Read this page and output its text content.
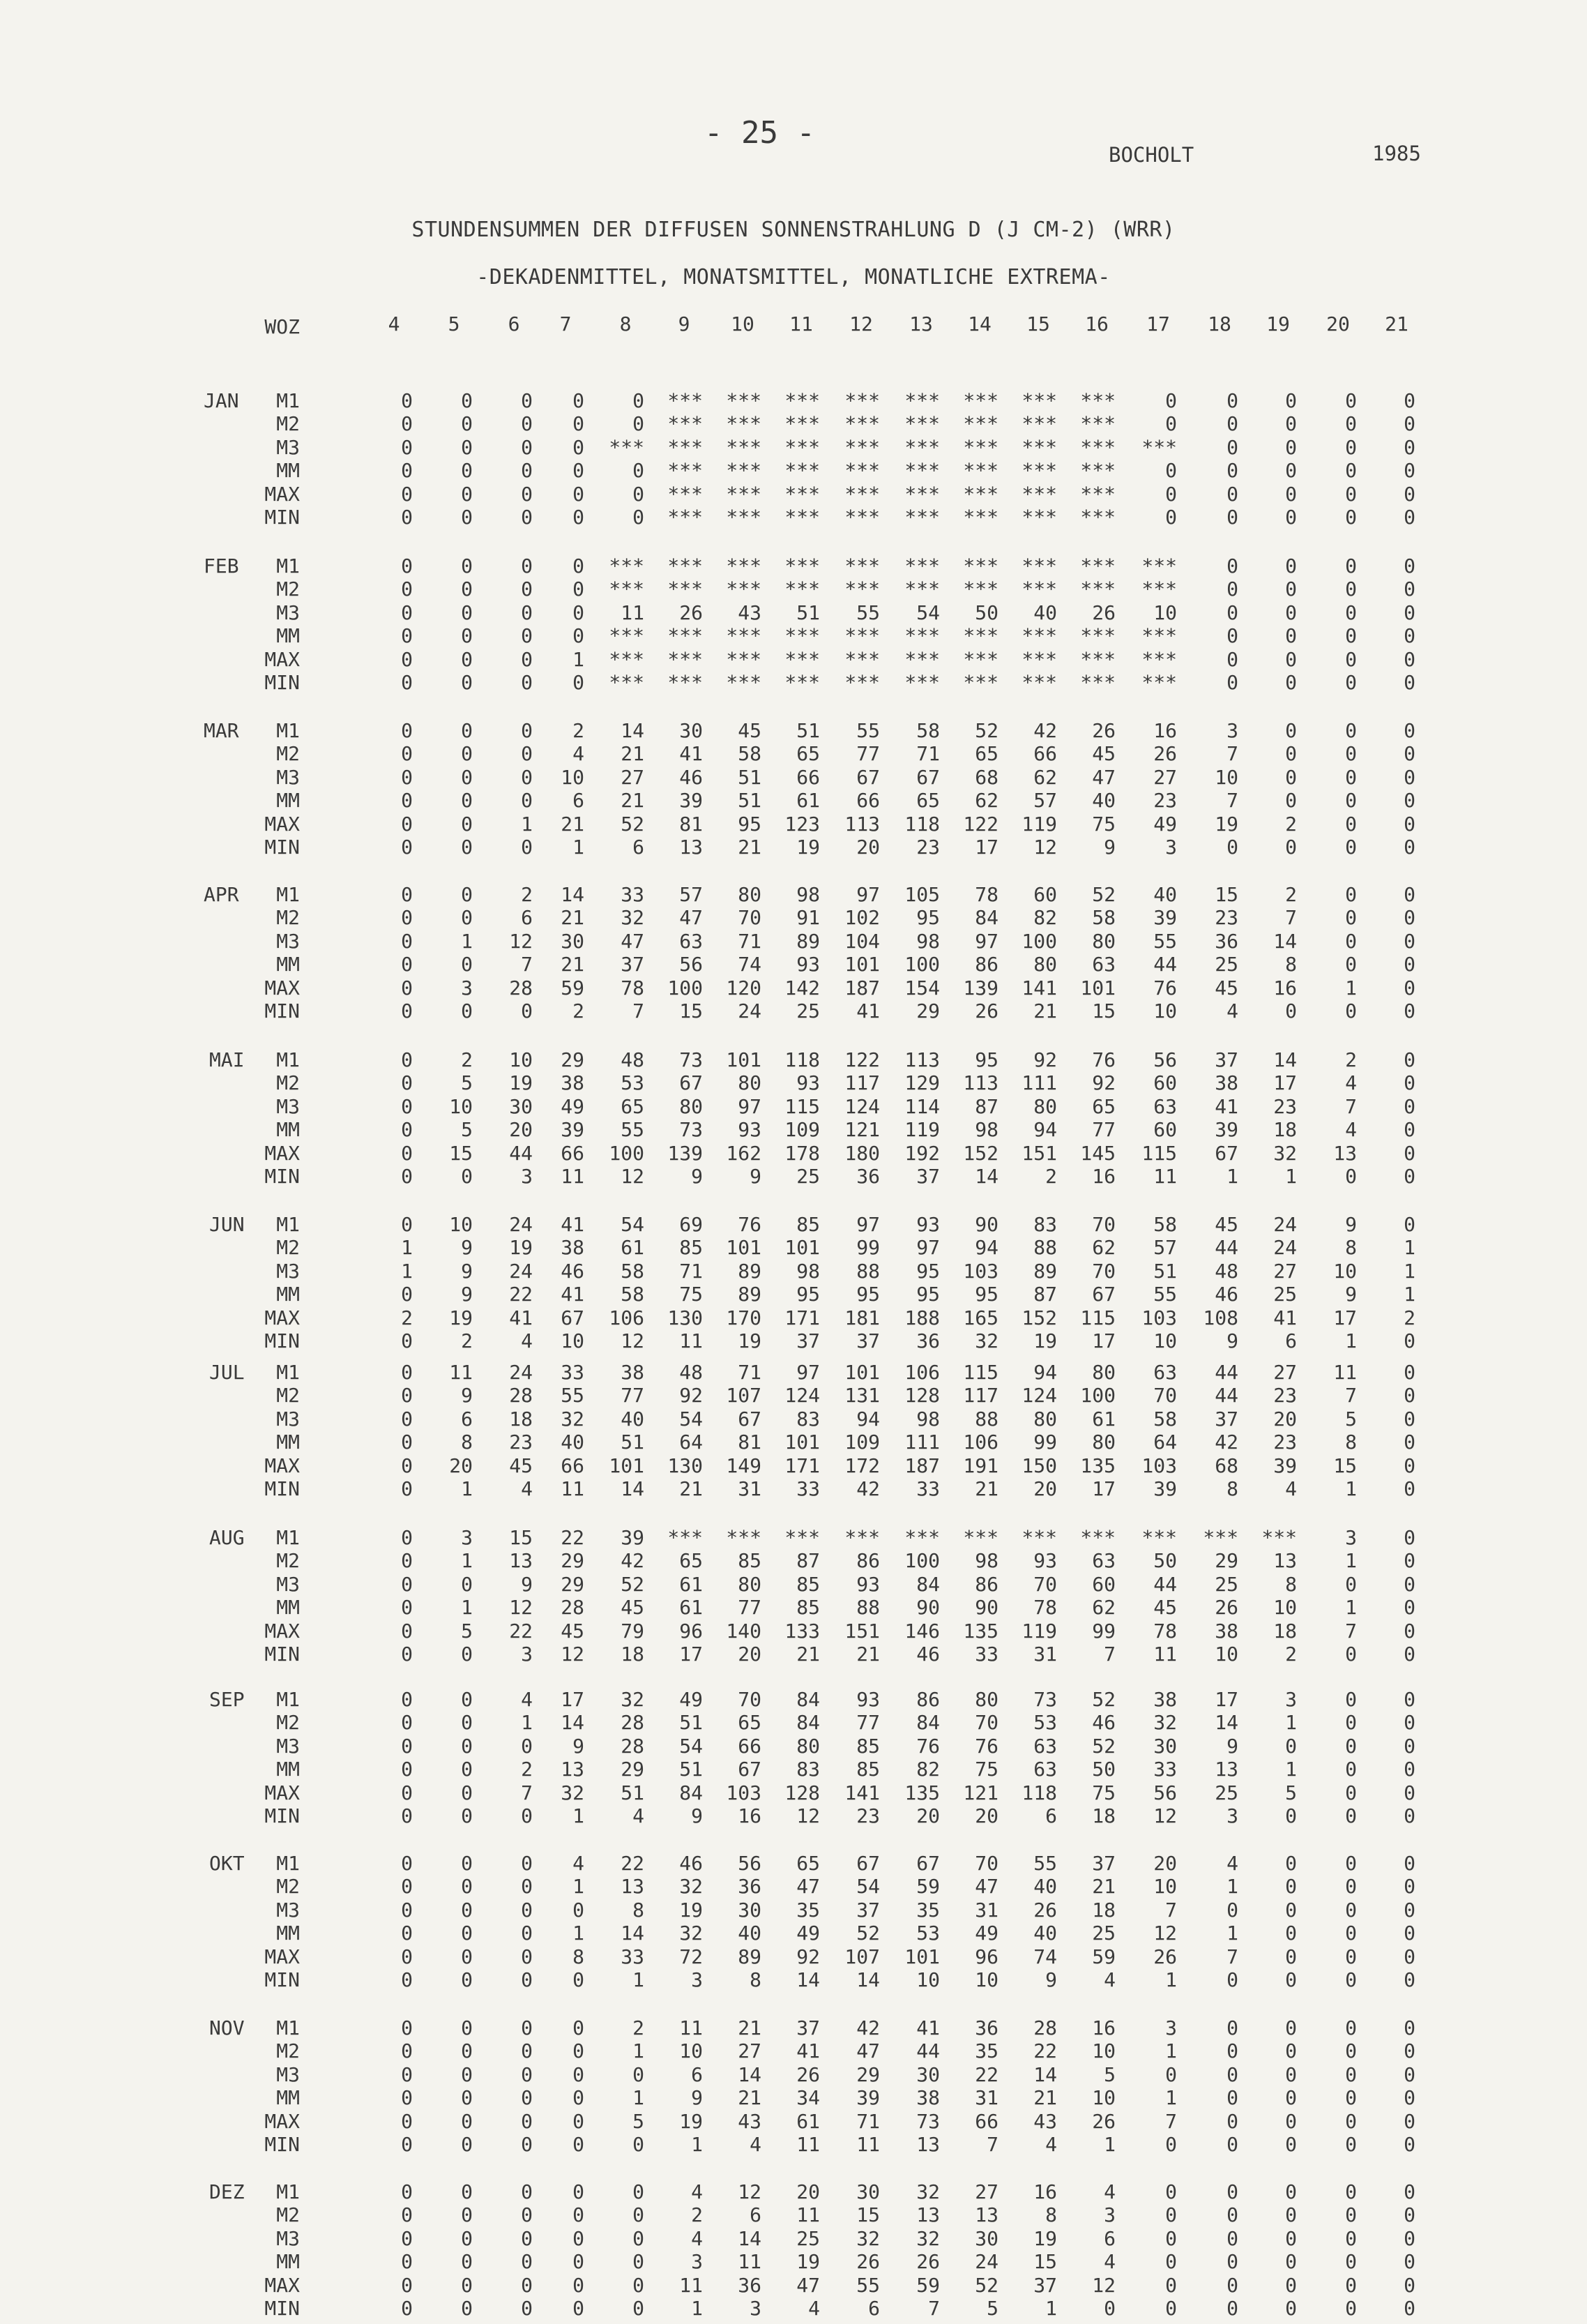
- 25 -
BOCHOLT	1985
STUNDENSUMMEN DER DIFFUSEN SONNENSTRAHLUNG D (J CM-2) (WRR)
-DEKADENMITTEL, MONATSMITTEL, MONATLICHE EXTREMA-
WOZ	4	5	6	7	8	9	10	11	12	13	14	15	16	17	18	19	20	21
JAN	M1	0	0	0	0	0	***	***	***	***	***	***	***	***	0	0	0	0	0
M2	0	0	0	0	0	***	***	***	***	***	***	***	***	0	0	0	0	0
M3	0	0	0	0	***	***	***	***	***	***	***	***	***	***	0	0	0	0
MM	0	0	0	0	0	***	***	***	***	***	***	***	***	0	0	0	0	0
MAX	0	0	0	0	0	***	***	***	***	***	***	***	***	0	0	0	0	0
MIN	0	0	0	0	0	***	***	***	***	***	***	***	***	0	0	0	0	0
FEB	M1	0	0	0	0	***	***	***	***	***	***	***	***	***	***	0	0	0	0
M2	0	0	0	0	***	***	***	***	***	***	***	***	***	***	0	0	0	0
M3	0	0	0	0	11	26	43	51	55	54	50	40	26	10	0	0	0	0
MM	0	0	0	0	***	***	***	***	***	***	***	***	***	***	0	0	0	0
MAX	0	0	0	1	***	***	***	***	***	***	***	***	***	***	0	0	0	0
MIN	0	0	0	0	***	***	***	***	***	***	***	***	***	***	0	0	0	0
MAR	M1	0	0	0	2	14	30	45	51	55	58	52	42	26	16	3	0	0	0
M2	0	0	0	4	21	41	58	65	77	71	65	66	45	26	7	0	0	0
M3	0	0	0	10	27	46	51	66	67	67	68	62	47	27	10	0	0	0
MM	0	0	0	6	21	39	51	61	66	65	62	57	40	23	7	0	0	0
MAX	0	0	1	21	52	81	95	123	113	118	122	119	75	49	19	2	0	0
MIN	0	0	0	1	6	13	21	19	20	23	17	12	9	3	0	0	0	0
APR	M1	0	0	2	14	33	57	80	98	97	105	78	60	52	40	15	2	0	0
M2	0	0	6	21	32	47	70	91	102	95	84	82	58	39	23	7	0	0
M3	0	1	12	30	47	63	71	89	104	98	97	100	80	55	36	14	0	0
MM	0	0	7	21	37	56	74	93	101	100	86	80	63	44	25	8	0	0
MAX	0	3	28	59	78	100	120	142	187	154	139	141	101	76	45	16	1	0
MIN	0	0	0	2	7	15	24	25	41	29	26	21	15	10	4	0	0	0
MAI	M1	0	2	10	29	48	73	101	118	122	113	95	92	76	56	37	14	2	0
M2	0	5	19	38	53	67	80	93	117	129	113	111	92	60	38	17	4	0
M3	0	10	30	49	65	80	97	115	124	114	87	80	65	63	41	23	7	0
MM	0	5	20	39	55	73	93	109	121	119	98	94	77	60	39	18	4	0
MAX	0	15	44	66	100	139	162	178	180	192	152	151	145	115	67	32	13	0
MIN	0	0	3	11	12	9	9	25	36	37	14	2	16	11	1	1	0	0
JUN	M1	0	10	24	41	54	69	76	85	97	93	90	83	70	58	45	24	9	0
M2	1	9	19	38	61	85	101	101	99	97	94	88	62	57	44	24	8	1
M3	1	9	24	46	58	71	89	98	88	95	103	89	70	51	48	27	10	1
MM	0	9	22	41	58	75	89	95	95	95	95	87	67	55	46	25	9	1
MAX	2	19	41	67	106	130	170	171	181	188	165	152	115	103	108	41	17	2
MIN	0	2	4	10	12	11	19	37	37	36	32	19	17	10	9	6	1	0
JUL	M1	0	11	24	33	38	48	71	97	101	106	115	94	80	63	44	27	11	0
M2	0	9	28	55	77	92	107	124	131	128	117	124	100	70	44	23	7	0
M3	0	6	18	32	40	54	67	83	94	98	88	80	61	58	37	20	5	0
MM	0	8	23	40	51	64	81	101	109	111	106	99	80	64	42	23	8	0
MAX	0	20	45	66	101	130	149	171	172	187	191	150	135	103	68	39	15	0
MIN	0	1	4	11	14	21	31	33	42	33	21	20	17	39	8	4	1	0
AUG	M1	0	3	15	22	39	***	***	***	***	***	***	***	***	***	***	***	3	0
M2	0	1	13	29	42	65	85	87	86	100	98	93	63	50	29	13	1	0
M3	0	0	9	29	52	61	80	85	93	84	86	70	60	44	25	8	0	0
MM	0	1	12	28	45	61	77	85	88	90	90	78	62	45	26	10	1	0
MAX	0	5	22	45	79	96	140	133	151	146	135	119	99	78	38	18	7	0
MIN	0	0	3	12	18	17	20	21	21	46	33	31	7	11	10	2	0	0
SEP	M1	0	0	4	17	32	49	70	84	93	86	80	73	52	38	17	3	0	0
M2	0	0	1	14	28	51	65	84	77	84	70	53	46	32	14	1	0	0
M3	0	0	0	9	28	54	66	80	85	76	76	63	52	30	9	0	0	0
MM	0	0	2	13	29	51	67	83	85	82	75	63	50	33	13	1	0	0
MAX	0	0	7	32	51	84	103	128	141	135	121	118	75	56	25	5	0	0
MIN	0	0	0	1	4	9	16	12	23	20	20	6	18	12	3	0	0	0
OKT	M1	0	0	0	4	22	46	56	65	67	67	70	55	37	20	4	0	0	0
M2	0	0	0	1	13	32	36	47	54	59	47	40	21	10	1	0	0	0
M3	0	0	0	0	8	19	30	35	37	35	31	26	18	7	0	0	0	0
MM	0	0	0	1	14	32	40	49	52	53	49	40	25	12	1	0	0	0
MAX	0	0	0	8	33	72	89	92	107	101	96	74	59	26	7	0	0	0
MIN	0	0	0	0	1	3	8	14	14	10	10	9	4	1	0	0	0	0
NOV	M1	0	0	0	0	2	11	21	37	42	41	36	28	16	3	0	0	0	0
M2	0	0	0	0	1	10	27	41	47	44	35	22	10	1	0	0	0	0
M3	0	0	0	0	0	6	14	26	29	30	22	14	5	0	0	0	0	0
MM	0	0	0	0	1	9	21	34	39	38	31	21	10	1	0	0	0	0
MAX	0	0	0	0	5	19	43	61	71	73	66	43	26	7	0	0	0	0
MIN	0	0	0	0	0	1	4	11	11	13	7	4	1	0	0	0	0	0
DEZ	M1	0	0	0	0	0	4	12	20	30	32	27	16	4	0	0	0	0	0
M2	0	0	0	0	0	2	6	11	15	13	13	8	3	0	0	0	0	0
M3	0	0	0	0	0	4	14	25	32	32	30	19	6	0	0	0	0	0
MM	0	0	0	0	0	3	11	19	26	26	24	15	4	0	0	0	0	0
MAX	0	0	0	0	0	11	36	47	55	59	52	37	12	0	0	0	0	0
MIN	0	0	0	0	0	1	3	4	6	7	5	1	0	0	0	0	0	0
